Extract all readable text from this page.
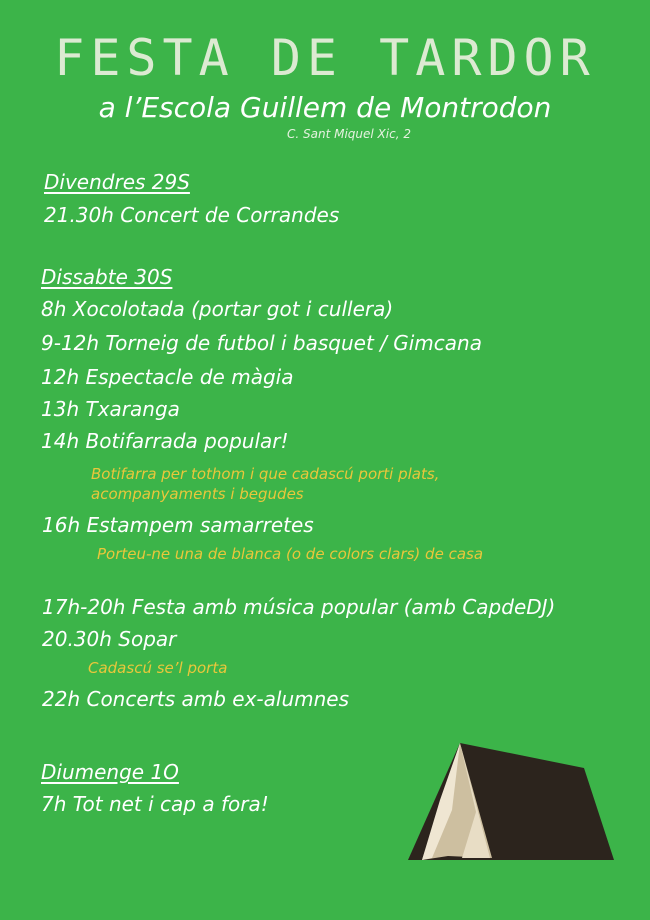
FESTA DE TARDOR
a l’Escola Guillem de Montrodon
C. Sant Miquel Xic, 2
Divendres 29S
21.30h Concert de Corrandes
Dissabte 30S
8h Xocolotada (portar got i cullera)
9-12h Torneig de futbol i basquet / Gimcana
12h Espectacle de màgia
13h Txaranga
14h Botifarrada popular!
Botifarra per tothom i que cadascú porti plats,
acompanyaments i begudes
16h Estampem samarretes
Porteu-ne una de blanca (o de colors clars) de casa
17h-20h Festa amb música popular (amb CapdeDJ)
20.30h Sopar
Cadascú se’l porta
22h Concerts amb ex-alumnes
Diumenge 1O
7h Tot net i cap a fora!
